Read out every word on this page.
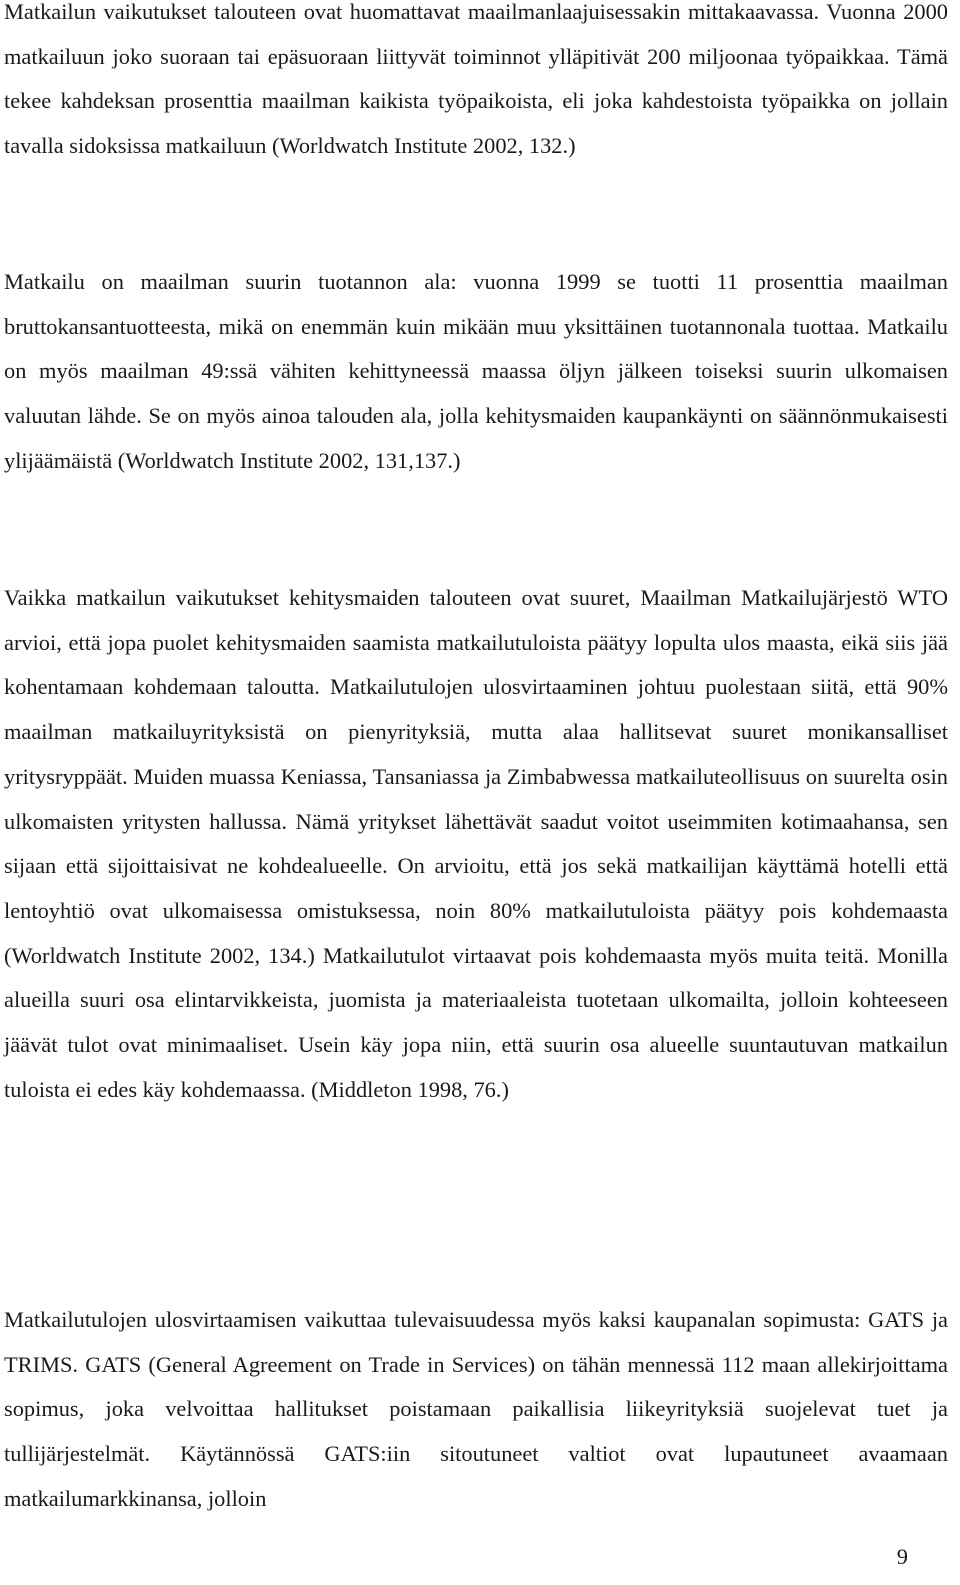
Matkailun vaikutukset talouteen ovat huomattavat maailmanlaajuisessakin mittakaavassa. Vuonna 2000 matkailuun joko suoraan tai epäsuoraan liittyvät toiminnot ylläpitivät 200 miljoonaa työpaikkaa. Tämä tekee kahdeksan prosenttia maailman kaikista työpaikoista, eli joka kahdestoista työpaikka on jollain tavalla sidoksissa matkailuun (Worldwatch Institute 2002, 132.)

Matkailu on maailman suurin tuotannon ala: vuonna 1999 se tuotti 11 prosenttia maailman bruttokansantuotteesta, mikä on enemmän kuin mikään muu yksittäinen tuotannonala tuottaa. Matkailu on myös maailman 49:ssä vähiten kehittyneessä maassa öljyn jälkeen toiseksi suurin ulkomaisen valuutan lähde. Se on myös ainoa talouden ala, jolla kehitysmaiden kaupankäynti on säännönmukaisesti ylijäämäistä (Worldwatch Institute 2002, 131,137.)

Vaikka matkailun vaikutukset kehitysmaiden talouteen ovat suuret, Maailman Matkailujärjestö WTO arvioi, että jopa puolet kehitysmaiden saamista matkailutuloista päätyy lopulta ulos maasta, eikä siis jää kohentamaan kohdemaan taloutta. Matkailutulojen ulosvirtaaminen johtuu puolestaan siitä, että 90% maailman matkailuyrityksistä on pienyrityksiä, mutta alaa hallitsevat suuret monikansalliset yritysryppäät. Muiden muassa Keniassa, Tansaniassa ja Zimbabwessa matkailuteollisuus on suurelta osin ulkomaisten yritysten hallussa. Nämä yritykset lähettävät saadut voitot useimmiten kotimaahansa, sen sijaan että sijoittaisivat ne kohdealueelle. On arvioitu, että jos sekä matkailijan käyttämä hotelli että lentoyhtiö ovat ulkomaisessa omistuksessa, noin 80% matkailutuloista päätyy pois kohdemaasta (Worldwatch Institute 2002, 134.) Matkailutulot virtaavat pois kohdemaasta myös muita teitä. Monilla alueilla suuri osa elintarvikkeista, juomista ja materiaaleista tuotetaan ulkomailta, jolloin kohteeseen jäävät tulot ovat minimaaliset. Usein käy jopa niin, että suurin osa alueelle suuntautuvan matkailun tuloista ei edes käy kohdemaassa. (Middleton 1998, 76.)

Matkailutulojen ulosvirtaamisen vaikuttaa tulevaisuudessa myös kaksi kaupanalan sopimusta: GATS ja TRIMS. GATS (General Agreement on Trade in Services) on tähän mennessä 112 maan allekirjoittama sopimus, joka velvoittaa hallitukset poistamaan paikallisia liikeyrityksiä suojelevat tuet ja tullijärjestelmät. Käytännössä GATS:iin sitoutuneet valtiot ovat lupautuneet avaamaan matkailumarkkinansa, jolloin

9
